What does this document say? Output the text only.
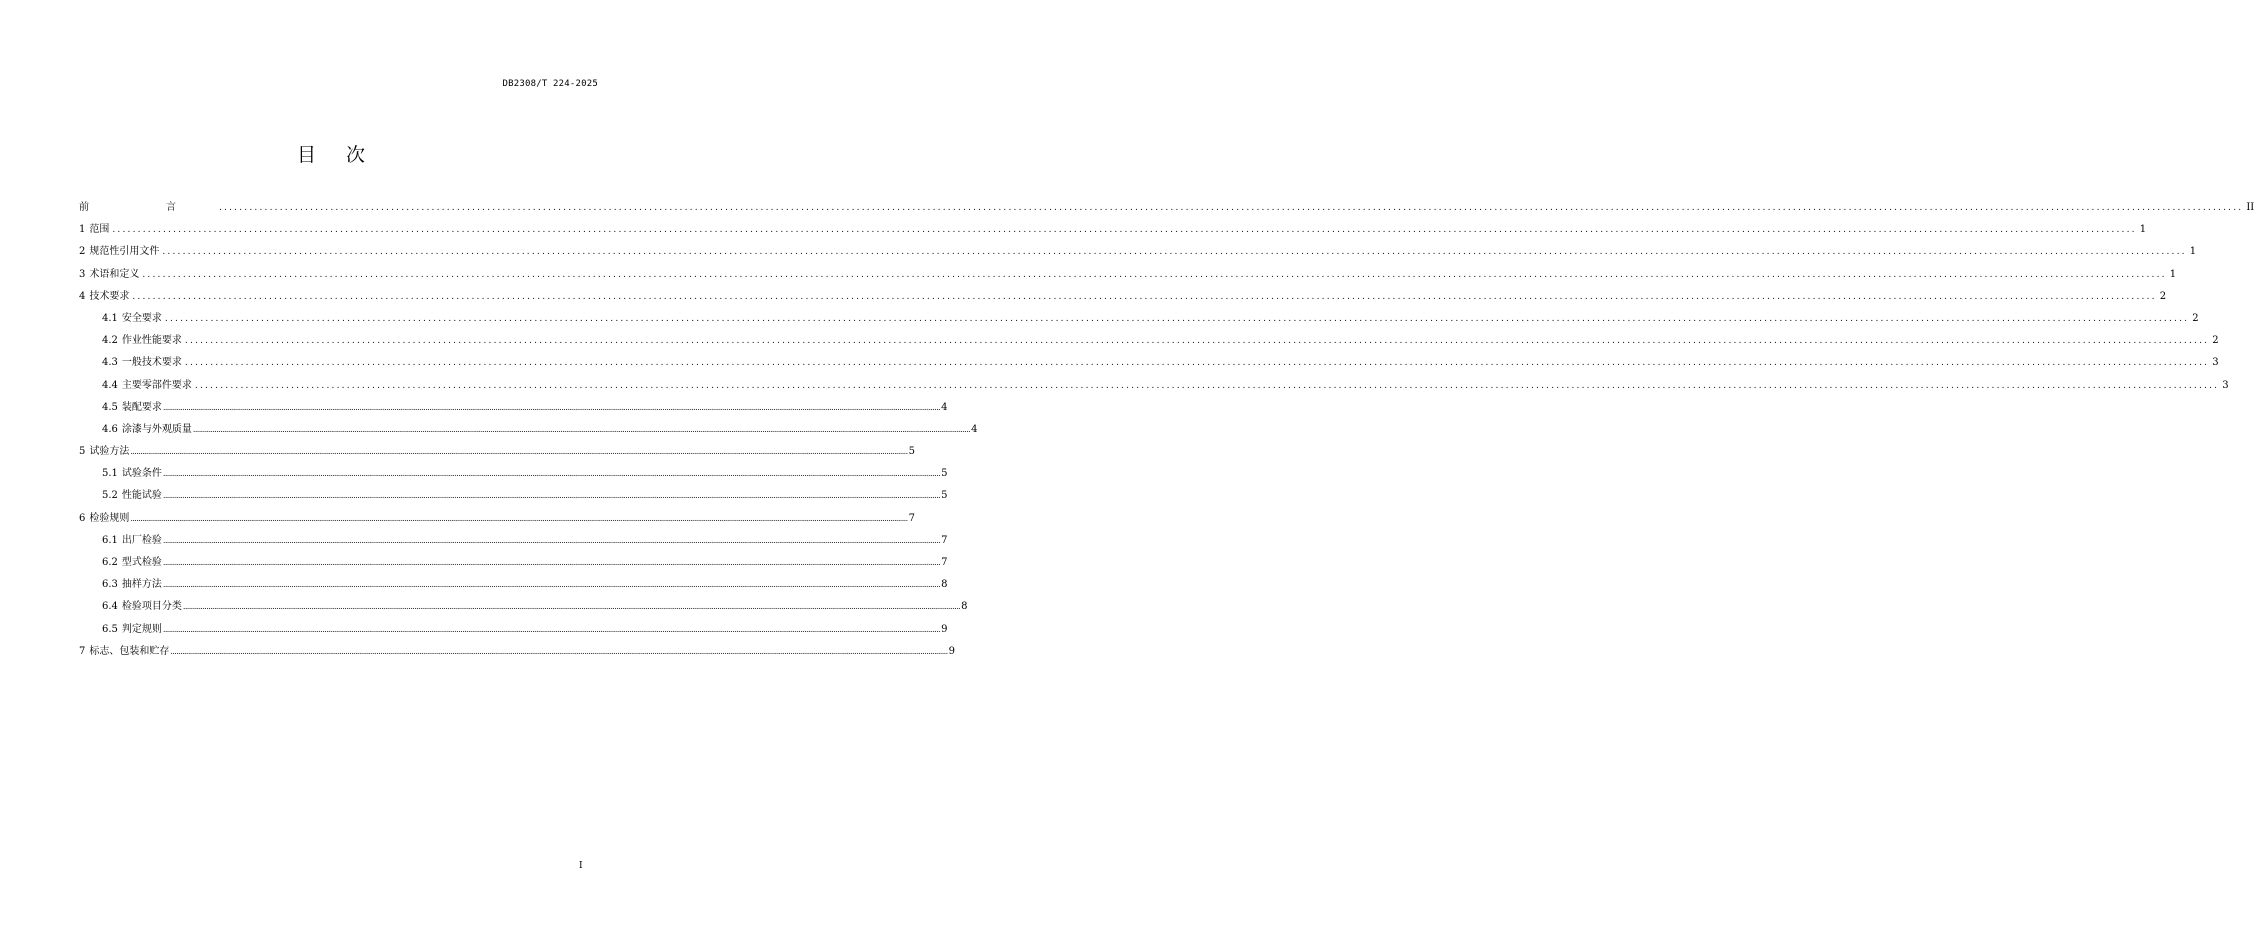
DB2308/T 224-2025
目 次
前	言 ................................................................................................................................................................................................................................................................................................................................................................................................................ II
1 范围 ................................................................................................................................................................................................................................................................................................................................................................................................................ 1
2 规范性引用文件 ................................................................................................................................................................................................................................................................................................................................................................................................................ 1
3 术语和定义 ................................................................................................................................................................................................................................................................................................................................................................................................................ 1
4 技术要求 ................................................................................................................................................................................................................................................................................................................................................................................................................ 2
4.1 安全要求 ................................................................................................................................................................................................................................................................................................................................................................................................................ 2
4.2 作业性能要求 ................................................................................................................................................................................................................................................................................................................................................................................................................ 2
4.3 一般技术要求 ................................................................................................................................................................................................................................................................................................................................................................................................................ 3
4.4 主要零部件要求 ................................................................................................................................................................................................................................................................................................................................................................................................................ 3
4.5 装配要求 ................................................................................................................................................................................................................................................................................................................................................................................................................ 4
4.6 涂漆与外观质量 ................................................................................................................................................................................................................................................................................................................................................................................................................ 4
5 试验方法 ................................................................................................................................................................................................................................................................................................................................................................................................................ 5
5.1 试验条件 ................................................................................................................................................................................................................................................................................................................................................................................................................ 5
5.2 性能试验 ................................................................................................................................................................................................................................................................................................................................................................................................................ 5
6 检验规则 ................................................................................................................................................................................................................................................................................................................................................................................................................ 7
6.1 出厂检验 ................................................................................................................................................................................................................................................................................................................................................................................................................ 7
6.2 型式检验 ................................................................................................................................................................................................................................................................................................................................................................................................................ 7
6.3 抽样方法 ................................................................................................................................................................................................................................................................................................................................................................................................................ 8
6.4 检验项目分类 ................................................................................................................................................................................................................................................................................................................................................................................................................ 8
6.5 判定规则 ................................................................................................................................................................................................................................................................................................................................................................................................................ 9
7 标志、包装和贮存 ................................................................................................................................................................................................................................................................................................................................................................................................................ 9
I
